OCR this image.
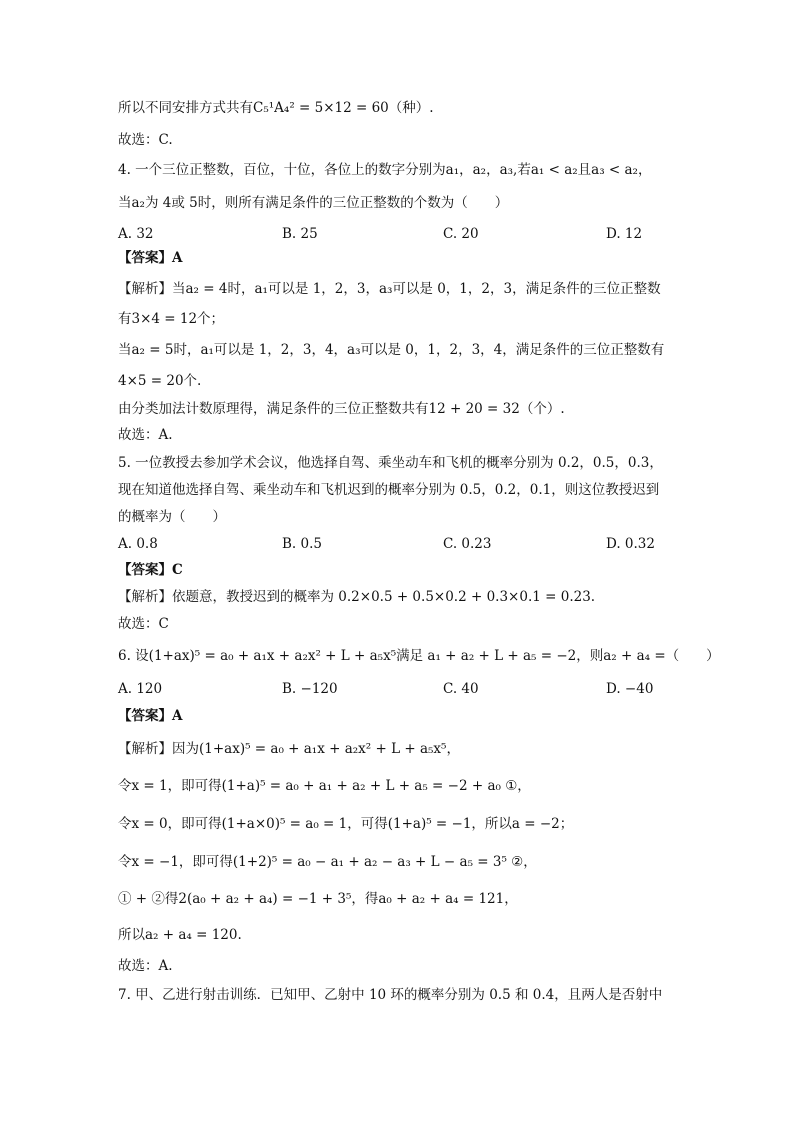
所以不同安排方式共有C₅¹A₄² = 5×12 = 60（种）.
故选：C.
4. 一个三位正整数，百位，十位，各位上的数字分别为a₁，a₂，a₃,若a₁ < a₂且a₃ < a₂，
当a₂为 4或 5时，则所有满足条件的三位正整数的个数为（　　）
A. 32	B. 25	C. 20	D. 12
【答案】A
【解析】当a₂ = 4时，a₁可以是 1，2，3，a₃可以是 0，1，2，3，满足条件的三位正整数
有3×4 = 12个；
当a₂ = 5时，a₁可以是 1，2，3，4，a₃可以是 0，1，2，3，4，满足条件的三位正整数有
4×5 = 20个.
由分类加法计数原理得，满足条件的三位正整数共有12 + 20 = 32（个）.
故选：A.
5. 一位教授去参加学术会议，他选择自驾、乘坐动车和飞机的概率分别为 0.2，0.5，0.3，
现在知道他选择自驾、乘坐动车和飞机迟到的概率分别为 0.5，0.2，0.1，则这位教授迟到
的概率为（　　）
A. 0.8	B. 0.5	C. 0.23	D. 0.32
【答案】C
【解析】依题意，教授迟到的概率为 0.2×0.5 + 0.5×0.2 + 0.3×0.1 = 0.23.
故选：C
6. 设(1+ax)⁵ = a₀ + a₁x + a₂x² + L + a₅x⁵满足 a₁ + a₂ + L + a₅ = −2，则a₂ + a₄ =（　　）
A. 120	B. −120	C. 40	D. −40
【答案】A
【解析】因为(1+ax)⁵ = a₀ + a₁x + a₂x² + L + a₅x⁵，
令x = 1，即可得(1+a)⁵ = a₀ + a₁ + a₂ + L + a₅ = −2 + a₀ ①，
令x = 0，即可得(1+a×0)⁵ = a₀ = 1，可得(1+a)⁵ = −1，所以a = −2；
令x = −1，即可得(1+2)⁵ = a₀ − a₁ + a₂ − a₃ + L − a₅ = 3⁵ ②，
① + ②得2(a₀ + a₂ + a₄) = −1 + 3⁵，得a₀ + a₂ + a₄ = 121，
所以a₂ + a₄ = 120.
故选：A.
7. 甲、乙进行射击训练．已知甲、乙射中 10 环的概率分别为 0.5 和 0.4，且两人是否射中
